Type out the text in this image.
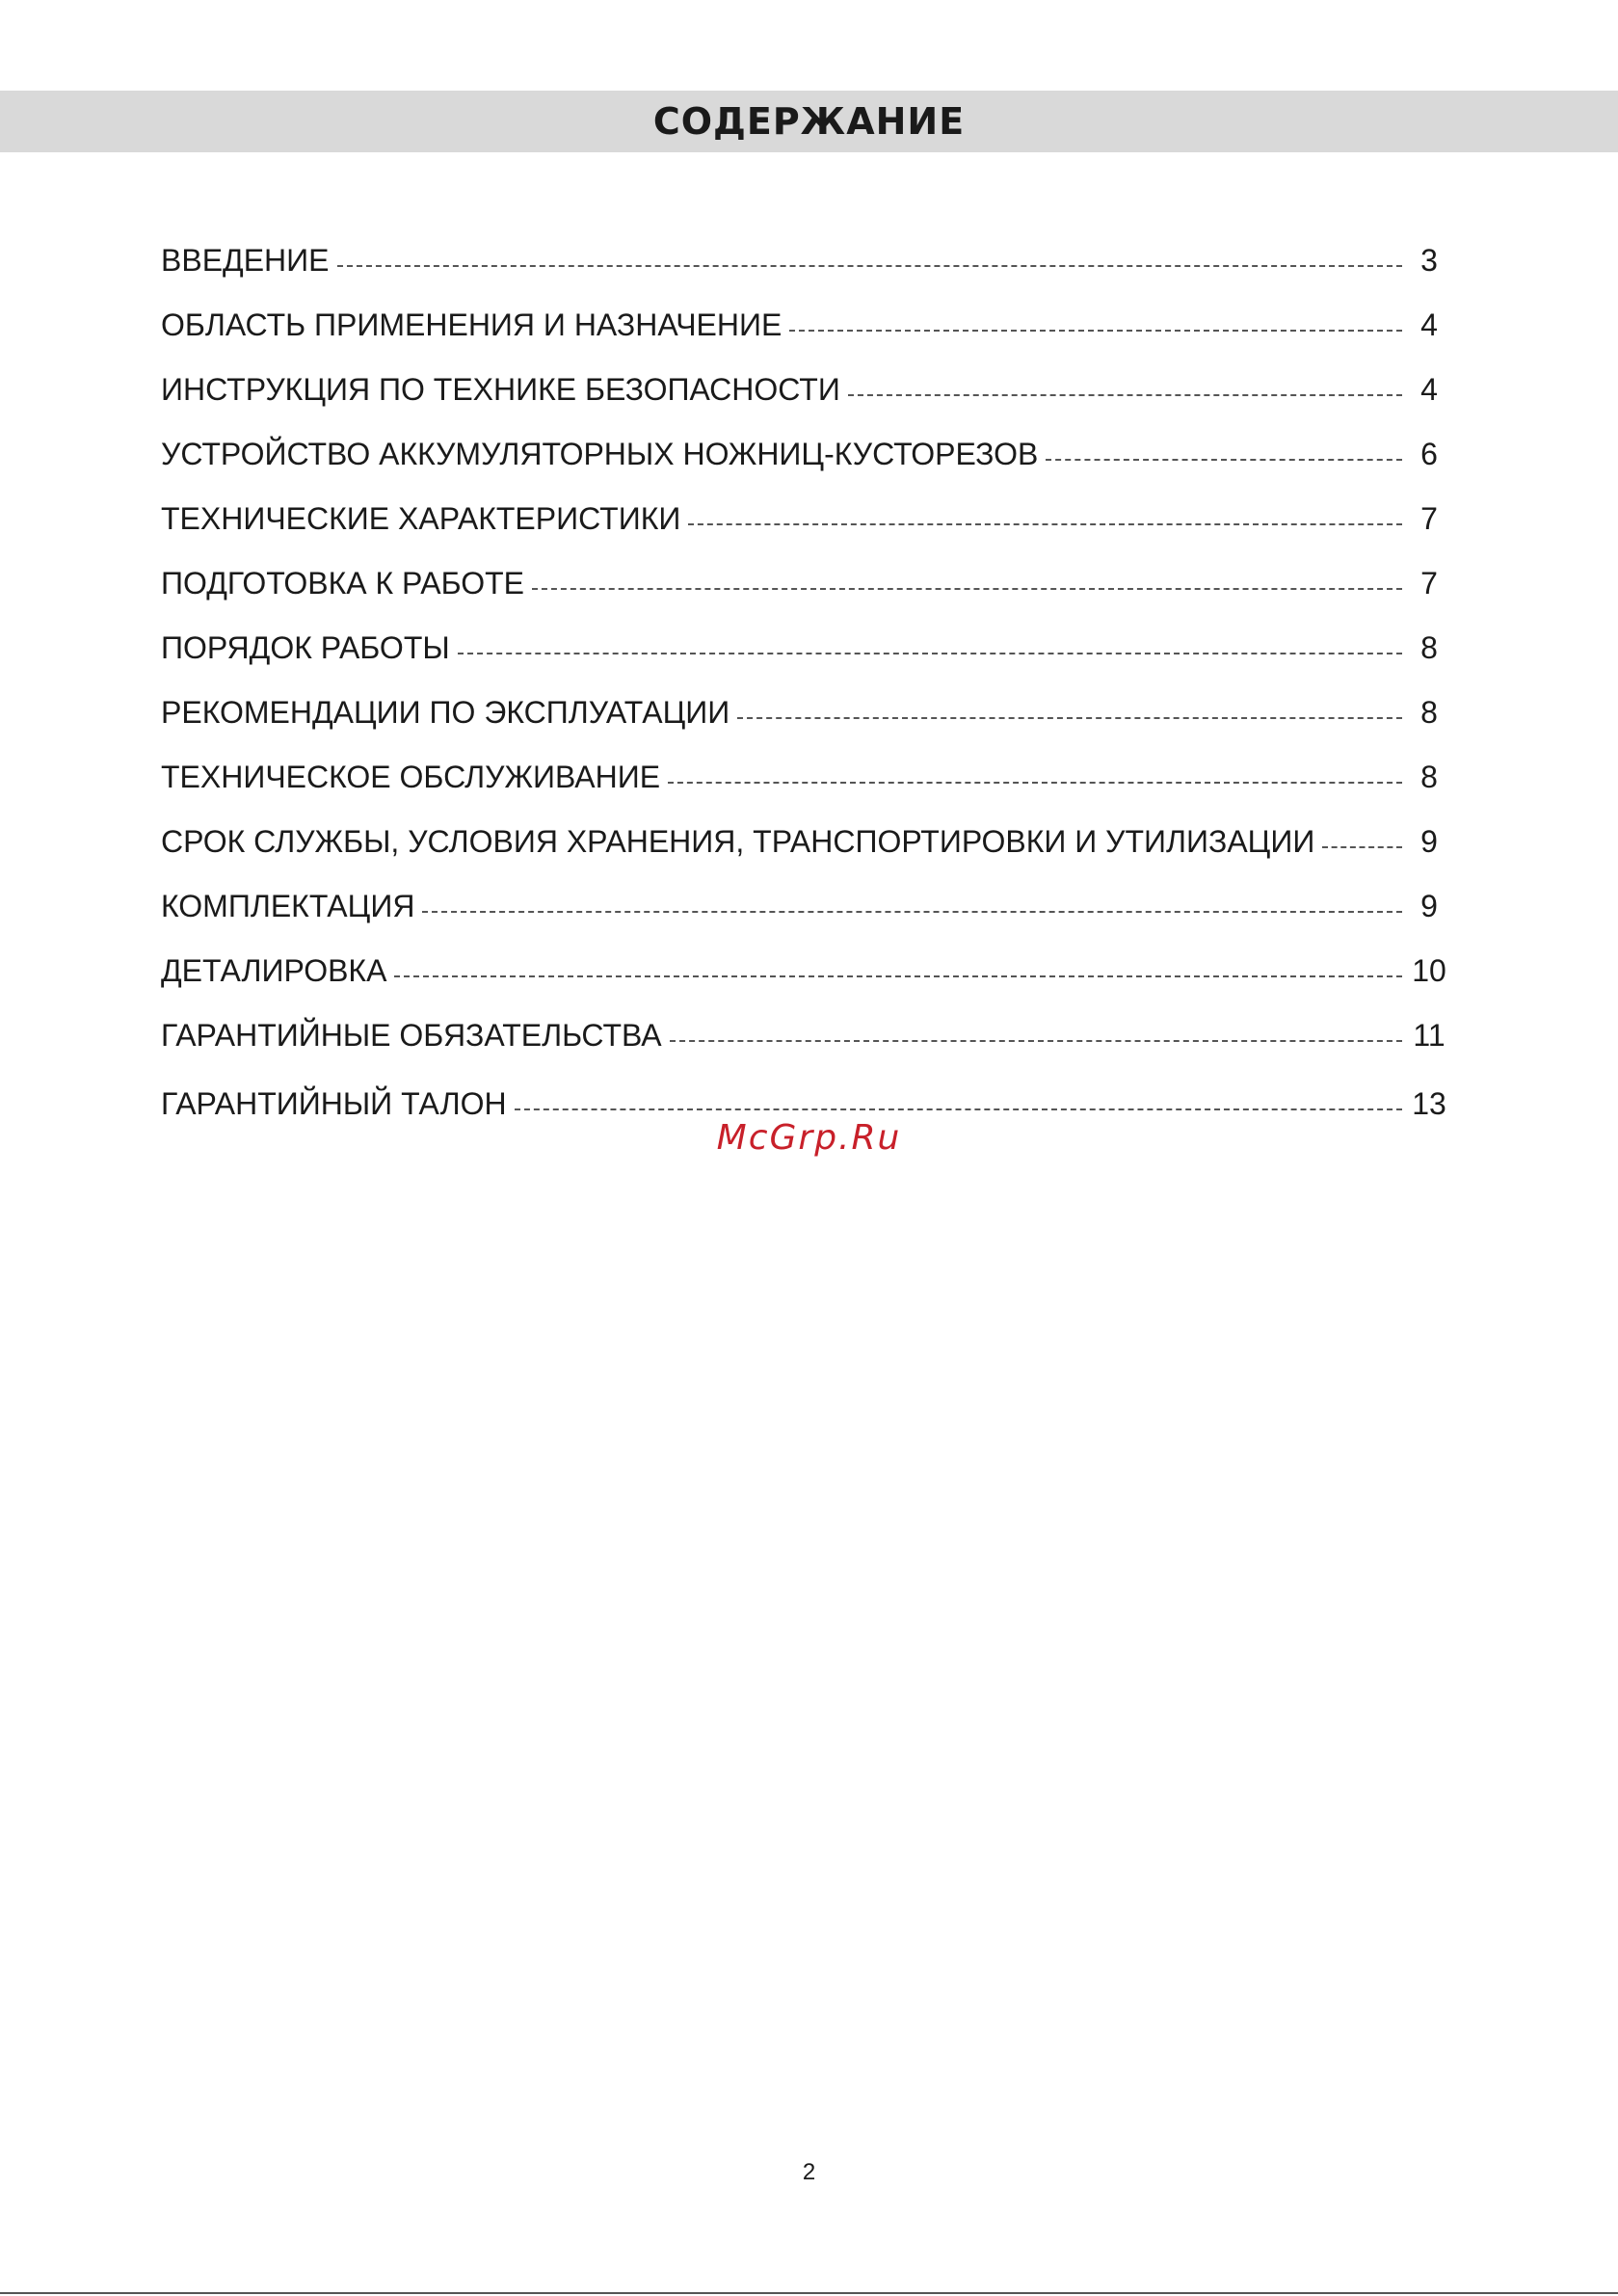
СОДЕРЖАНИЕ
ВВЕДЕНИЕ	3
ОБЛАСТЬ ПРИМЕНЕНИЯ И НАЗНАЧЕНИЕ	4
ИНСТРУКЦИЯ ПО ТЕХНИКЕ БЕЗОПАСНОСТИ	4
УСТРОЙСТВО АККУМУЛЯТОРНЫХ НОЖНИЦ-КУСТОРЕЗОВ	6
ТЕХНИЧЕСКИЕ ХАРАКТЕРИСТИКИ	7
ПОДГОТОВКА К РАБОТЕ	7
ПОРЯДОК РАБОТЫ	8
РЕКОМЕНДАЦИИ ПО ЭКСПЛУАТАЦИИ	8
ТЕХНИЧЕСКОЕ ОБСЛУЖИВАНИЕ	8
СРОК СЛУЖБЫ, УСЛОВИЯ ХРАНЕНИЯ, ТРАНСПОРТИРОВКИ И УТИЛИЗАЦИИ	9
КОМПЛЕКТАЦИЯ	9
ДЕТАЛИРОВКА	10
ГАРАНТИЙНЫЕ ОБЯЗАТЕЛЬСТВА	11
ГАРАНТИЙНЫЙ ТАЛОН	13
McGrp.Ru
2
